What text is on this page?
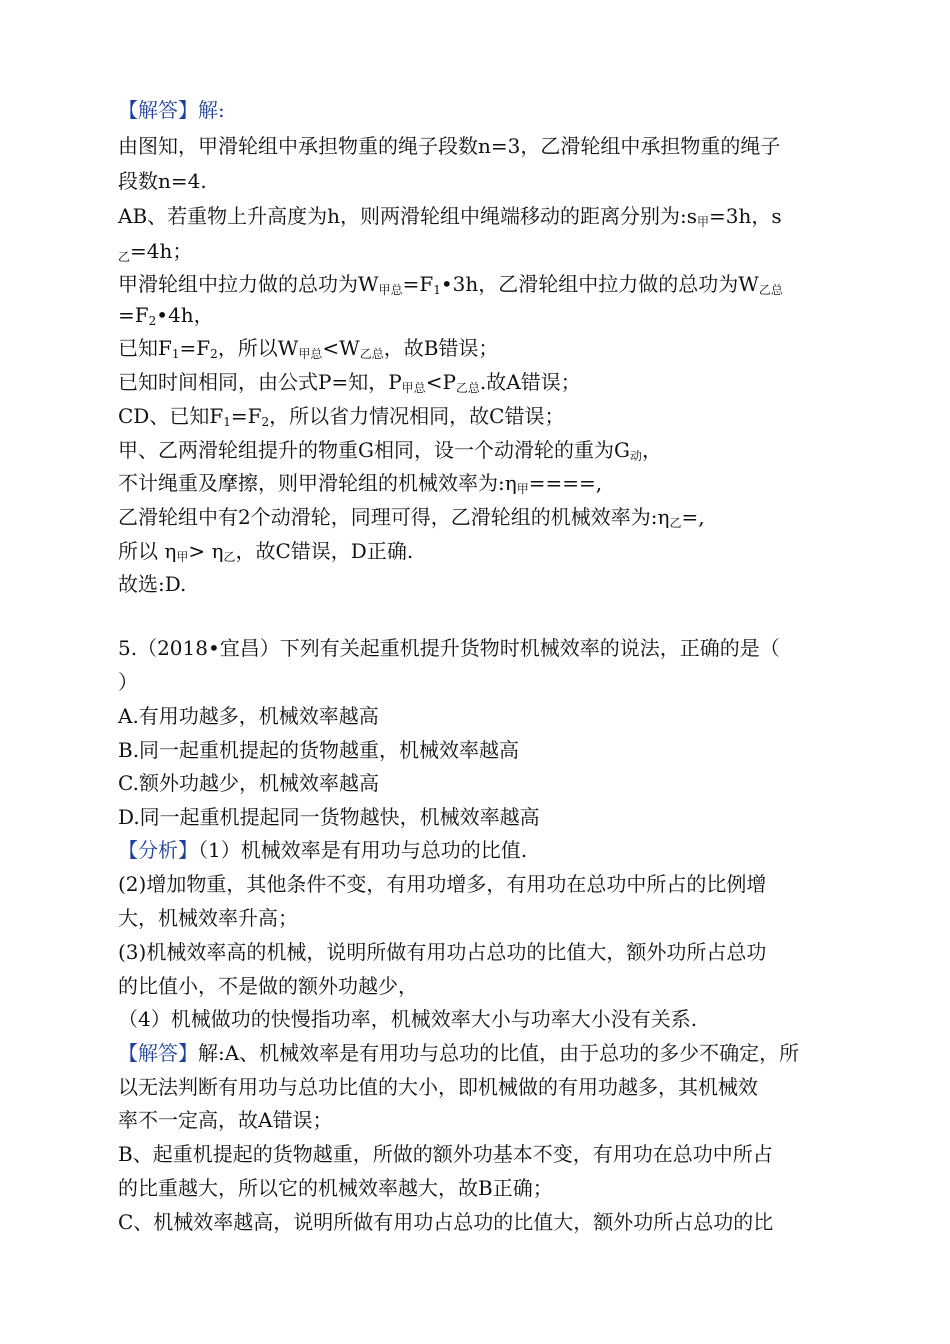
【解答】解:
由图知，甲滑轮组中承担物重的绳子段数n=3，乙滑轮组中承担物重的绳子
段数n=4.
AB、若重物上升高度为h，则两滑轮组中绳端移动的距离分别为$:s_甲=3h$，s
$_乙$=4h；
甲滑轮组中拉力做的总功为$W_{甲总}=F_1•3h$，乙滑轮组中拉力做的总功为$W_{乙总}$
$=F_2•4h$，
已知$F_1=F_2$，所以$W_{甲总}<W_{乙总}$，故B错误；
已知时间相同，由公式P=知，$P_{甲总}<P_{乙总}$.故A错误；
CD、已知$F_1=F_2$，所以省力情况相同，故C错误；
甲、乙两滑轮组提升的物重G相同，设一个动滑轮的重为$G_动$，
不计绳重及摩擦，则甲滑轮组的机械效率为$:\eta_甲====$,
乙滑轮组中有2个动滑轮，同理可得，乙滑轮组的机械效率为$:\eta_乙=$,
所以 $\eta_甲> \eta_乙$，故C错误，D正确.
故选:D.
5.（2018•宜昌）下列有关起重机提升货物时机械效率的说法，正确的是（
）
A.有用功越多，机械效率越高
B.同一起重机提起的货物越重，机械效率越高
C.额外功越少，机械效率越高
D.同一起重机提起同一货物越快，机械效率越高
【分析】（1）机械效率是有用功与总功的比值.
(2)增加物重，其他条件不变，有用功增多，有用功在总功中所占的比例增
大，机械效率升高；
(3)机械效率高的机械，说明所做有用功占总功的比值大，额外功所占总功
的比值小，不是做的额外功越少，
（4）机械做功的快慢指功率，机械效率大小与功率大小没有关系.
【解答】解:A、机械效率是有用功与总功的比值，由于总功的多少不确定，所
以无法判断有用功与总功比值的大小，即机械做的有用功越多，其机械效
率不一定高，故A错误；
B、起重机提起的货物越重，所做的额外功基本不变，有用功在总功中所占
的比重越大，所以它的机械效率越大，故B正确；
C、机械效率越高，说明所做有用功占总功的比值大，额外功所占总功的比
